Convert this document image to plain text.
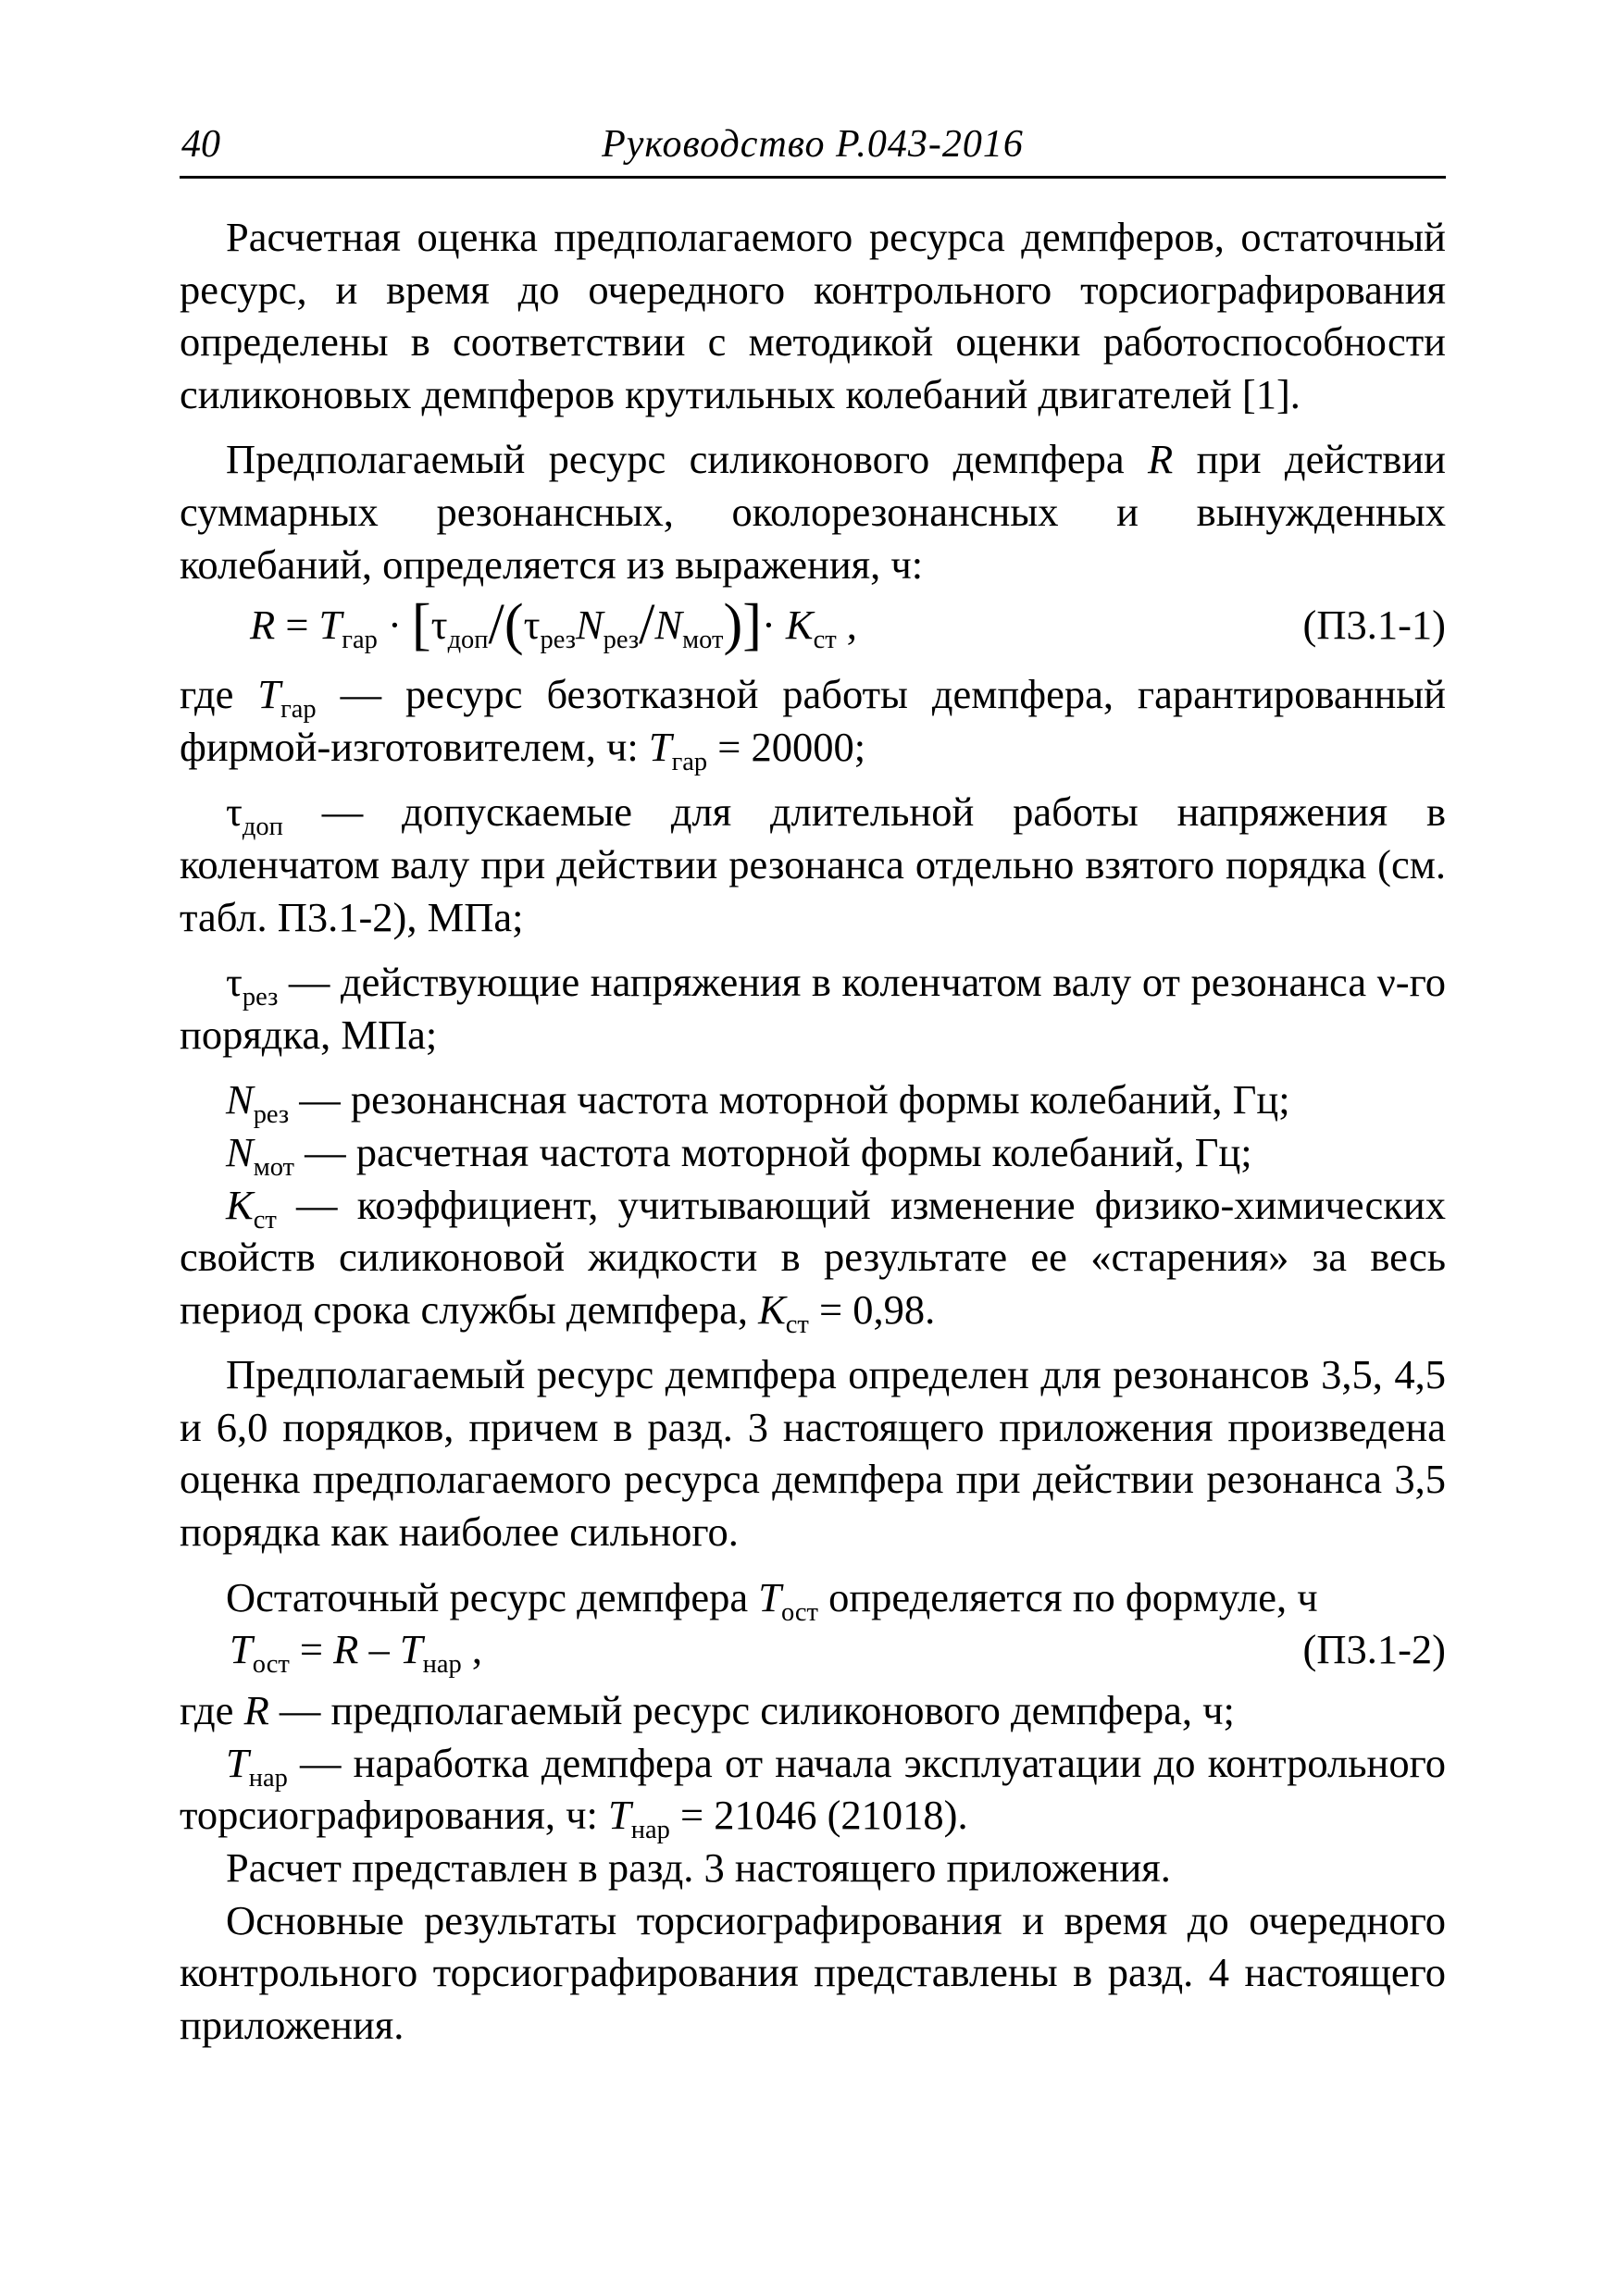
40	Руководство Р.043-2016

Расчетная оценка предполагаемого ресурса демпферов, остаточный ресурс, и время до очередного контрольного торсиографирования определены в соответствии с методикой оценки работоспособности силиконовых демпферов крутильных колебаний двигателей [1].

Предполагаемый ресурс силиконового демпфера R при действии суммарных резонансных, околорезонансных и вынужденных колебаний, определяется из выражения, ч:

$R = T_{гар} \cdot [\tau_{доп}/(\tau_{рез}N_{рез}/N_{мот})]\cdot K_{ст}$ ,	(П3.1-1)

где $T_{гар}$ — ресурс безотказной работы демпфера, гарантированный фирмой-изготовителем, ч: $T_{гар} = 20000$;

$\tau_{доп}$ — допускаемые для длительной работы напряжения в коленчатом валу при действии резонанса отдельно взятого порядка (см. табл. П3.1-2), МПа;

$\tau_{рез}$ — действующие напряжения в коленчатом валу от резонанса ν-го порядка, МПа;

$N_{рез}$ — резонансная частота моторной формы колебаний, Гц;

$N_{мот}$ — расчетная частота моторной формы колебаний, Гц;

$K_{ст}$ — коэффициент, учитывающий изменение физико-химических свойств силиконовой жидкости в результате ее «старения» за весь период срока службы демпфера, $K_{ст} = 0,98$.

Предполагаемый ресурс демпфера определен для резонансов 3,5, 4,5 и 6,0 порядков, причем в разд. 3 настоящего приложения произведена оценка предполагаемого ресурса демпфера при действии резонанса 3,5 порядка как наиболее сильного.

Остаточный ресурс демпфера $T_{ост}$ определяется по формуле, ч

$T_{ост} = R - T_{нар}$ ,	(П3.1-2)

где R — предполагаемый ресурс силиконового демпфера, ч;

$T_{нар}$ — наработка демпфера от начала эксплуатации до контрольного торсиографирования, ч: $T_{нар} = 21046$ (21018).

Расчет представлен в разд. 3 настоящего приложения.

Основные результаты торсиографирования и время до очередного контрольного торсиографирования представлены в разд. 4 настоящего приложения.
